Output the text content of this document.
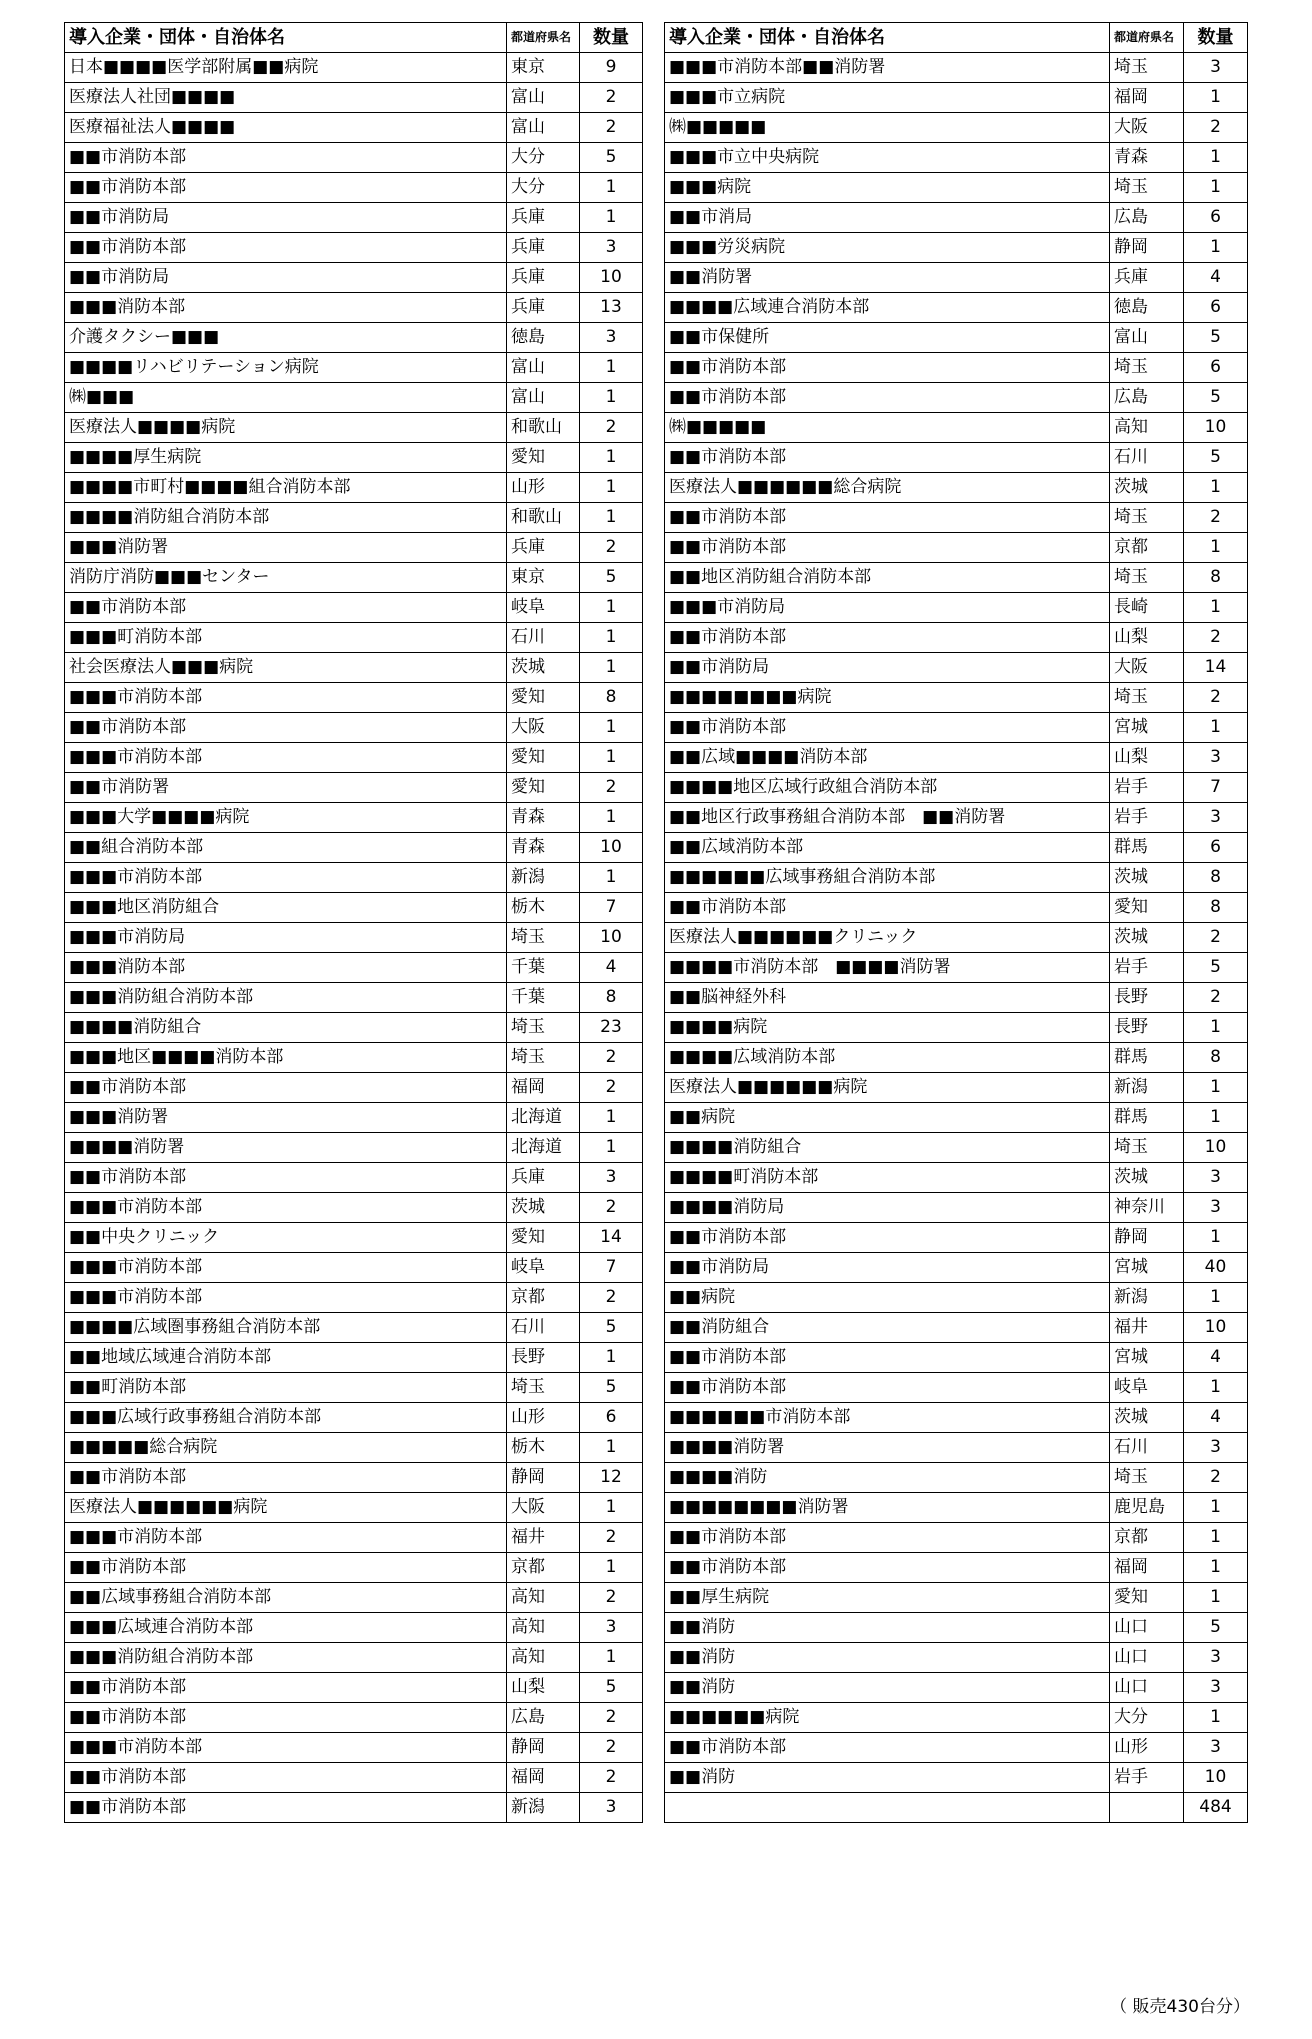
導入企業・団体・自治体名	都道府県名	数量
日本■■■■医学部附属■■病院	東京	9
医療法人社団■■■■	富山	2
医療福祉法人■■■■	富山	2
■■市消防本部	大分	5
■■市消防本部	大分	1
■■市消防局	兵庫	1
■■市消防本部	兵庫	3
■■市消防局	兵庫	10
■■■消防本部	兵庫	13
介護タクシー■■■	徳島	3
■■■■リハビリテーション病院	富山	1
㈱■■■	富山	1
医療法人■■■■病院	和歌山	2
■■■■厚生病院	愛知	1
■■■■市町村■■■■組合消防本部	山形	1
■■■■消防組合消防本部	和歌山	1
■■■消防署	兵庫	2
消防庁消防■■■センター	東京	5
■■市消防本部	岐阜	1
■■■町消防本部	石川	1
社会医療法人■■■病院	茨城	1
■■■市消防本部	愛知	8
■■市消防本部	大阪	1
■■■市消防本部	愛知	1
■■市消防署	愛知	2
■■■大学■■■■病院	青森	1
■■組合消防本部	青森	10
■■■市消防本部	新潟	1
■■■地区消防組合	栃木	7
■■■市消防局	埼玉	10
■■■消防本部	千葉	4
■■■消防組合消防本部	千葉	8
■■■■消防組合	埼玉	23
■■■地区■■■■消防本部	埼玉	2
■■市消防本部	福岡	2
■■■消防署	北海道	1
■■■■消防署	北海道	1
■■市消防本部	兵庫	3
■■■市消防本部	茨城	2
■■中央クリニック	愛知	14
■■■市消防本部	岐阜	7
■■■市消防本部	京都	2
■■■■広域圏事務組合消防本部	石川	5
■■地域広域連合消防本部	長野	1
■■町消防本部	埼玉	5
■■■広域行政事務組合消防本部	山形	6
■■■■■総合病院	栃木	1
■■市消防本部	静岡	12
医療法人■■■■■■病院	大阪	1
■■■市消防本部	福井	2
■■市消防本部	京都	1
■■広域事務組合消防本部	高知	2
■■■広域連合消防本部	高知	3
■■■消防組合消防本部	高知	1
■■市消防本部	山梨	5
■■市消防本部	広島	2
■■■市消防本部	静岡	2
■■市消防本部	福岡	2
■■市消防本部	新潟	3
導入企業・団体・自治体名	都道府県名	数量
■■■市消防本部■■消防署	埼玉	3
■■■市立病院	福岡	1
㈱■■■■■	大阪	2
■■■市立中央病院	青森	1
■■■病院	埼玉	1
■■市消局	広島	6
■■■労災病院	静岡	1
■■消防署	兵庫	4
■■■■広域連合消防本部	徳島	6
■■市保健所	富山	5
■■市消防本部	埼玉	6
■■市消防本部	広島	5
㈱■■■■■	高知	10
■■市消防本部	石川	5
医療法人■■■■■■総合病院	茨城	1
■■市消防本部	埼玉	2
■■市消防本部	京都	1
■■地区消防組合消防本部	埼玉	8
■■■市消防局	長崎	1
■■市消防本部	山梨	2
■■市消防局	大阪	14
■■■■■■■■病院	埼玉	2
■■市消防本部	宮城	1
■■広域■■■■消防本部	山梨	3
■■■■地区広域行政組合消防本部	岩手	7
■■地区行政事務組合消防本部　■■消防署	岩手	3
■■広域消防本部	群馬	6
■■■■■■広域事務組合消防本部	茨城	8
■■市消防本部	愛知	8
医療法人■■■■■■クリニック	茨城	2
■■■■市消防本部　■■■■消防署	岩手	5
■■脳神経外科	長野	2
■■■■病院	長野	1
■■■■広域消防本部	群馬	8
医療法人■■■■■■病院	新潟	1
■■病院	群馬	1
■■■■消防組合	埼玉	10
■■■■町消防本部	茨城	3
■■■■消防局	神奈川	3
■■市消防本部	静岡	1
■■市消防局	宮城	40
■■病院	新潟	1
■■消防組合	福井	10
■■市消防本部	宮城	4
■■市消防本部	岐阜	1
■■■■■■市消防本部	茨城	4
■■■■消防署	石川	3
■■■■消防	埼玉	2
■■■■■■■■消防署	鹿児島	1
■■市消防本部	京都	1
■■市消防本部	福岡	1
■■厚生病院	愛知	1
■■消防	山口	5
■■消防	山口	3
■■消防	山口	3
■■■■■■病院	大分	1
■■市消防本部	山形	3
■■消防	岩手	10
		484
（ 販売430台分）
